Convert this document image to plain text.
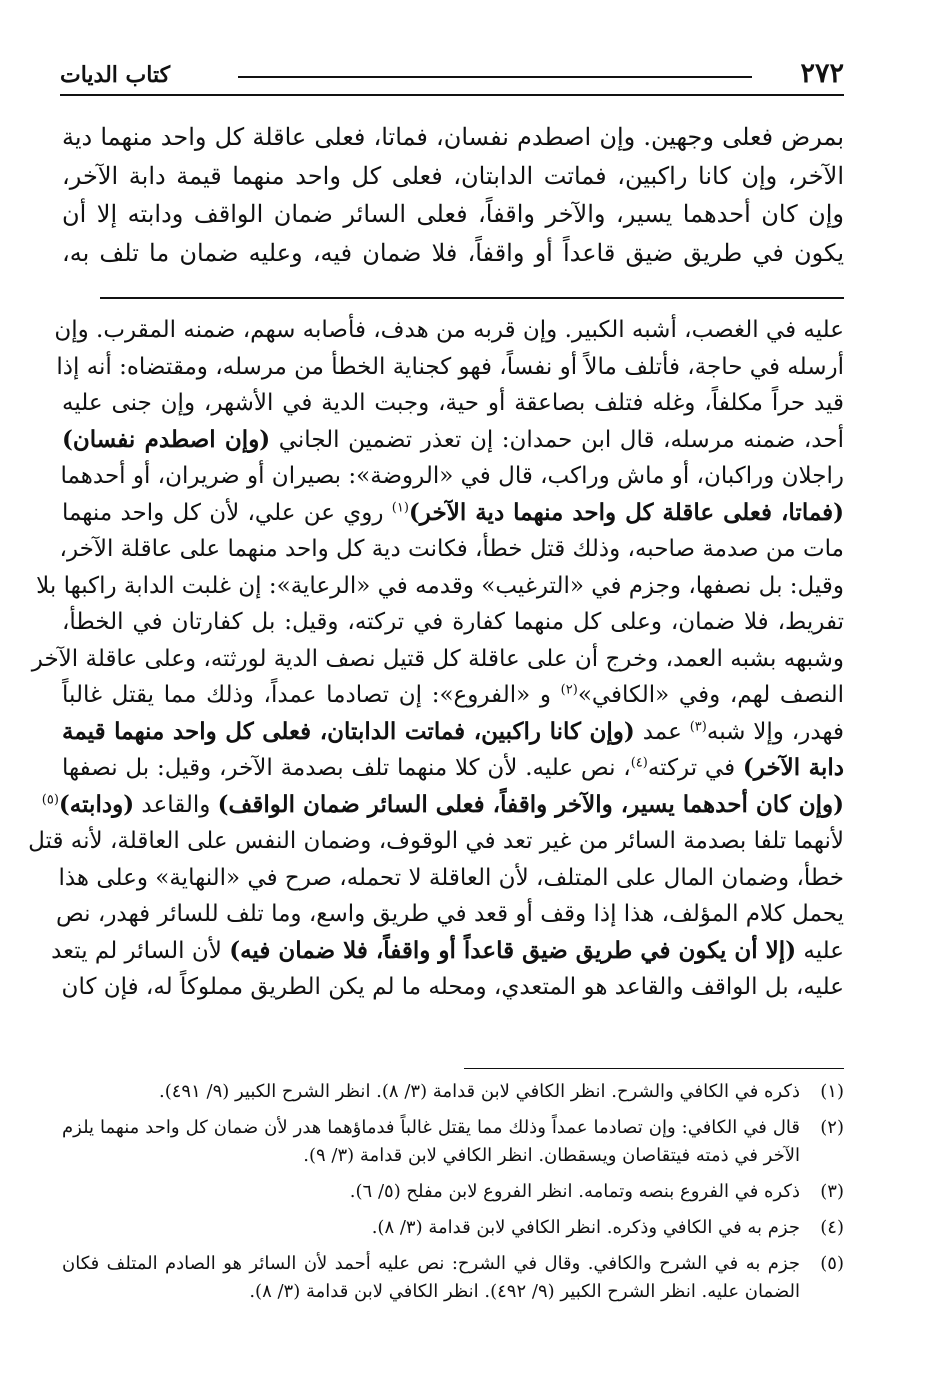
٢٧٢
كتاب الديات

بمرض فعلى وجهين. وإن اصطدم نفسان، فماتا، فعلى عاقلة كل واحد منهما دية الآخر، وإن كانا راكبين، فماتت الدابتان، فعلى كل واحد منهما قيمة دابة الآخر، وإن كان أحدهما يسير، والآخر واقفاً، فعلى السائر ضمان الواقف ودابته إلا أن يكون في طريق ضيق قاعداً أو واقفاً، فلا ضمان فيه، وعليه ضمان ما تلف به،

عليه في الغصب، أشبه الكبير. وإن قربه من هدف، فأصابه سهم، ضمنه المقرب. وإن
أرسله في حاجة، فأتلف مالاً أو نفساً، فهو كجناية الخطأ من مرسله، ومقتضاه: أنه إذا
قيد حراً مكلفاً، وغله فتلف بصاعقة أو حية، وجبت الدية في الأشهر، وإن جنى عليه
أحد، ضمنه مرسله، قال ابن حمدان: إن تعذر تضمين الجاني (وإن اصطدم نفسان)
راجلان وراكبان، أو ماش وراكب، قال في «الروضة»: بصيران أو ضريران، أو أحدهما
(فماتا، فعلى عاقلة كل واحد منهما دية الآخر)$^{(١)}$ روي عن علي، لأن كل واحد منهما
مات من صدمة صاحبه، وذلك قتل خطأ، فكانت دية كل واحد منهما على عاقلة الآخر،
وقيل: بل نصفها، وجزم في «الترغيب» وقدمه في «الرعاية»: إن غلبت الدابة راكبها بلا
تفريط، فلا ضمان، وعلى كل منهما كفارة في تركته، وقيل: بل كفارتان في الخطأ،
وشبهه بشبه العمد، وخرج أن على عاقلة كل قتيل نصف الدية لورثته، وعلى عاقلة الآخر
النصف لهم، وفي «الكافي»$^{(٢)}$ و «الفروع»: إن تصادما عمداً، وذلك مما يقتل غالباً
فهدر، وإلا شبه$^{(٣)}$ عمد (وإن كانا راكبين، فماتت الدابتان، فعلى كل واحد منهما قيمة
دابة الآخر) في تركته$^{(٤)}$، نص عليه. لأن كلا منهما تلف بصدمة الآخر، وقيل: بل نصفها
(وإن كان أحدهما يسير، والآخر واقفاً، فعلى السائر ضمان الواقف) والقاعد (ودابته)$^{(٥)}$
لأنهما تلفا بصدمة السائر من غير تعد في الوقوف، وضمان النفس على العاقلة، لأنه قتل
خطأ، وضمان المال على المتلف، لأن العاقلة لا تحمله، صرح في «النهاية» وعلى هذا
يحمل كلام المؤلف، هذا إذا وقف أو قعد في طريق واسع، وما تلف للسائر فهدر، نص
عليه (إلا أن يكون في طريق ضيق قاعداً أو واقفاً، فلا ضمان فيه) لأن السائر لم يتعد
عليه، بل الواقف والقاعد هو المتعدي، ومحله ما لم يكن الطريق مملوكاً له، فإن كان
(١)
ذكره في الكافي والشرح. انظر الكافي لابن قدامة (٣/ ٨). انظر الشرح الكبير (٩/ ٤٩١).
(٢)
قال في الكافي: وإن تصادما عمداً وذلك مما يقتل غالباً فدماؤهما هدر لأن ضمان كل واحد منهما يلزم الآخر في ذمته فيتقاصان ويسقطان. انظر الكافي لابن قدامة (٣/ ٩).
(٣)
ذكره في الفروع بنصه وتمامه. انظر الفروع لابن مفلح (٥/ ٦).
(٤)
جزم به في الكافي وذكره. انظر الكافي لابن قدامة (٣/ ٨).
(٥)
جزم به في الشرح والكافي. وقال في الشرح: نص عليه أحمد لأن السائر هو الصادم المتلف فكان الضمان عليه. انظر الشرح الكبير (٩/ ٤٩٢). انظر الكافي لابن قدامة (٣/ ٨).
